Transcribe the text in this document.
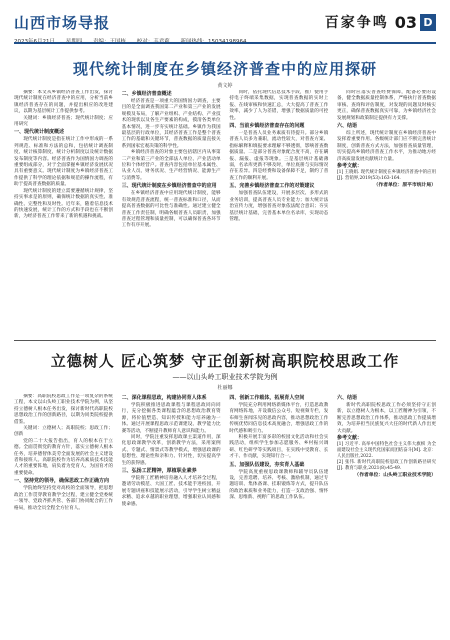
山西市场导报	百家争鸣 03 D
现代统计制度在乡镇经济普查中的应用探研
黄文婷
摘要：本文从乡镇经济普查工作出发，探讨现代统计制度在经济普查中的应用，分析当前乡镇经济普查存在的问题，并提出相应的改进建议，以期为基层统计工作提供参考。
关键词：乡镇经济普查；现代统计制度；应用研究
一、现代统计制度概述
现代统计制度是指在统计工作中形成的一系列规范、标准和方法的总和，包括统计调查制度、统计核算制度、统计分析制度以及统计数据发布制度等内容。经济普查作为国情国力调查的重要组成部分，对于全面掌握乡镇经济发展状况具有重要意义。现代统计制度为乡镇经济普查工作提供了科学的理论依据和规范的操作流程，有助于提高普查数据的质量。
现代统计制度的建立需要遵循统计规律，坚持实事求是的原则，确保统计数据的真实性、准确性、完整性和及时性。近年来，随着信息技术的快速发展，统计工作的方式和手段也在不断创新，为经济普查工作带来了新的机遇和挑战。
二、乡镇经济普查概述
经济普查是一项重大的国情国力调查，主要目的是全面调查我国第二产业和第三产业的发展规模及布局，了解产业组织、产业结构、产业技术的现状以及各生产要素的构成，摸清各类单位基本情况，进一步夯实统计基础。乡镇作为我国最基层的行政单位，其经济普查工作是整个普查工作的基础和关键环节，普查数据的质量直接关系到国家宏观决策的科学性。
乡镇经济普查的对象主要包括辖区内从事第二产业和第三产业的全部法人单位、产业活动单位和个体经营户。普查内容包括单位基本属性、从业人员、财务状况、生产经营情况、能源生产与消费等。
三、现代统计制度在乡镇经济普查中的应用
在乡镇经济普查中应用现代统计制度，能够有效规范普查流程，统一普查标准和口径，从而提高普查数据的可比性与准确性。通过建立健全普查工作责任制，明确各级普查人员职责，加强普查过程管理和质量控制，可以确保普查各环节工作有序开展。
同时，依托现代信息技术手段，推广使用手持电子终端采集数据，实现普查数据的实时上报、在线审核和快速汇总，大大提高了普查工作效率，减少了人为差错，增强了数据质量的可控性。
四、当前乡镇经济普查存在的问题
一是普查人员业务素质有待提升。部分乡镇普查人员多为兼职，流动性较大，对普查方案、指标解释和填报要求理解不够透彻，影响普查数据质量。二是部分普查对象配合度不高，存在瞒报、漏报、虚报等现象。三是基层统计基础薄弱，名录库更新不够及时，单位底册与实际情况存在差异。四是经费和设备保障不足，制约了普查工作的顺利开展。
五、完善乡镇经济普查工作的对策建议
加强普查队伍建设，开展多层次、多形式的业务培训，提高普查人员专业能力；加大统计法治宣传力度，增强普查对象依法配合意识；夯实基层统计基础，完善基本单位名录库，实现动态管理。
同时应落实普查经费保障，配备必要的设备，健全数据质量控制体系，严格执行普查数据审核、查询和评估制度，对发现的问题及时核实更正，确保普查数据真实可靠，为乡镇经济社会发展规划和政策制定提供有力支撑。
六、结语
综上所述，现代统计制度在乡镇经济普查中发挥着重要作用。各级统计部门应不断完善统计制度，创新普查方式方法，加强普查质量管理，切实提高乡镇经济普查工作水平，为推动地方经济高质量发展贡献统计力量。
参考文献：
[1] 王晓娟. 现代统计制度在乡镇经济普查中的应用[J]. 营销界,2019(53):163-164.
（作者单位：原平市统计局）
立德树人 匠心筑梦 守正创新树高职院校思政工作
——以山头岭工职业技术学院为例
杜丽娜
摘要：高职院校思政工作是一项复杂的系统工程，本文以山头岭工职业技术学院为例，从坚持立德树人根本任务出发，探讨新时代高职院校思想政治工作的创新路径，以期为同类院校提供借鉴。
关键词：立德树人；高职院校；思政工作；创新
党的二十大报告指出，育人的根本在于立德。全面贯彻党的教育方针，落实立德树人根本任务，培养德智体美劳全面发展的社会主义建设者和接班人。高职院校作为培养高素质技术技能人才的重要阵地，肩负着为党育人、为国育才的重要使命。
一、坚持党的领导，确保思政工作正确方向
学院始终坚持党对高校的全面领导，把思想政治工作贯穿教育教学全过程，建立健全党委统一领导、党政齐抓共管、各部门协同配合的工作格局，推动全员全程全方位育人。
二、深化课程思政，构建协同育人体系
学院积极推进思政课程与课程思政同向同行，充分挖掘各类课程蕴含的思想政治教育资源，将价值塑造、知识传授和能力培养融为一体。通过开展课程思政示范课建设、教学能力比赛等活动，不断提升教师育人意识和能力。
同时，学院注重发挥思政课主渠道作用，深化思政课教学改革，创新教学方法，采用案例式、专题式、情景式等教学模式，增强思政课的思想性、理论性和亲和力、针对性，切实提高学生的获得感。
三、弘扬工匠精神，厚植职业素养
学院将工匠精神培育融入人才培养全过程，邀请劳动模范、大国工匠、技术能手进校园，开展专题讲座和技能展示活动，引导学生树立精益求精、追求卓越的职业理想，增强职业认同感和使命感。
四、创新工作载体，拓展育人空间
学院充分利用网络新媒体平台，打造思政教育网络阵地，开设微信公众号、短视频专栏，发布师生喜闻乐见的思政内容，推动思想政治工作传统优势同信息技术高度融合，增强思政工作的时代感和吸引力。
积极开展丰富多彩的校园文化活动和社会实践活动，组织学生参加志愿服务、乡村振兴调研、红色研学等实践项目，在实践中受教育、长才干、作贡献，实现知行合一。
五、加强队伍建设，夯实育人基础
学院高度重视思政课教师和辅导员队伍建设，完善选聘、培养、考核、激励机制，通过专题培训、集体备课、挂职锻炼等方式，提升队伍的政治素质和业务能力，打造一支政治强、情怀深、思维新、视野广的思政工作队伍。
六、结语
新时代高职院校思政工作必须坚持守正创新，以立德树人为根本，以工匠精神为引领，不断完善思想政治工作体系，推动思政工作提质增效，为培养担当民族复兴大任的时代新人作出更大贡献。
参考文献：
[1] 习近平. 高举中国特色社会主义伟大旗帜 为全面建设社会主义现代化国家而团结奋斗[M]. 北京：人民出版社,2022.
[2] 张伟. 新时代高职院校思政工作创新路径研究[J]. 教育与职业,2021(8):45-49.
（作者单位：山头岭工职业技术学院）
